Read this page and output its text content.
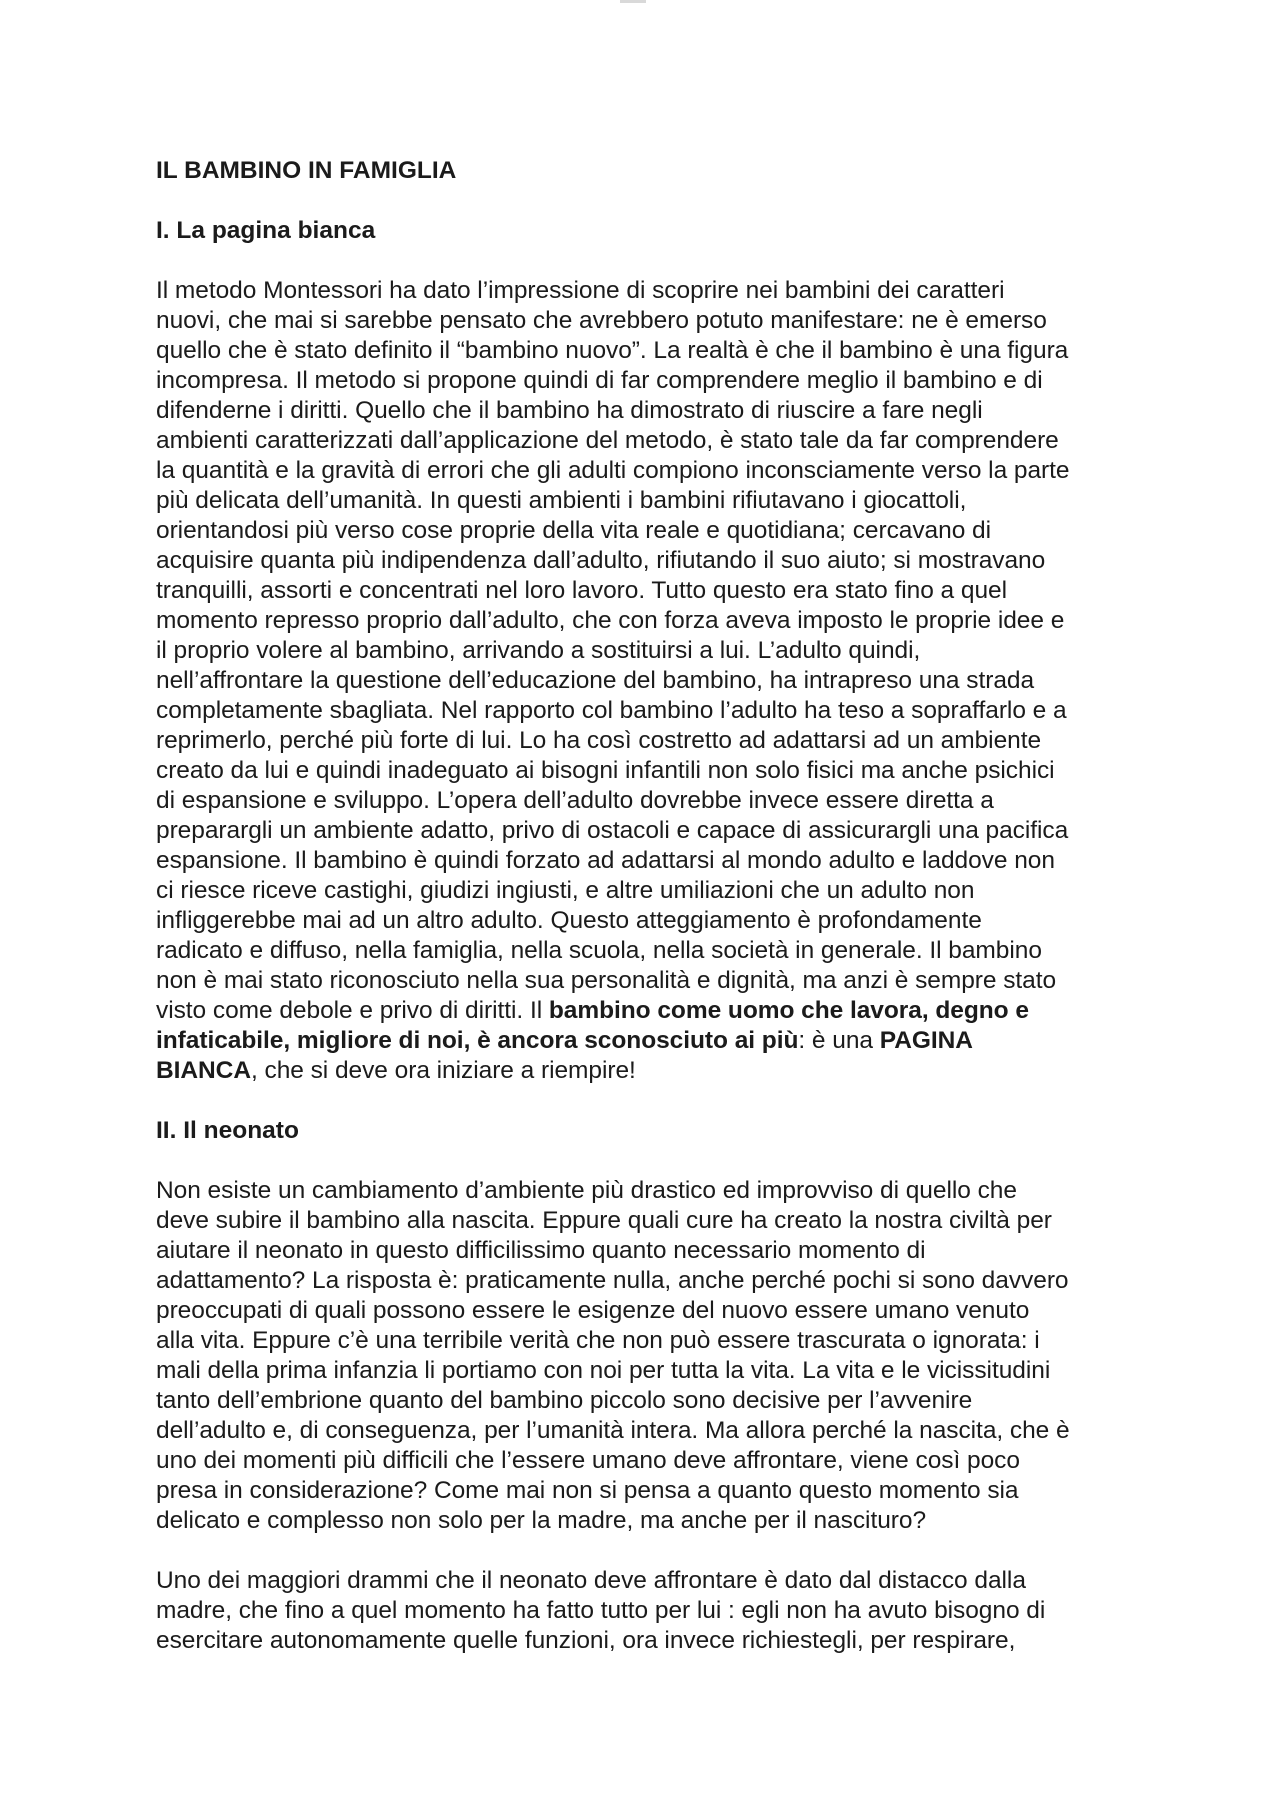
IL BAMBINO IN FAMIGLIA
I. La pagina bianca
Il metodo Montessori ha dato l’impressione di scoprire nei bambini dei caratteri
nuovi, che mai si sarebbe pensato che avrebbero potuto manifestare: ne è emerso
quello che è stato definito il “bambino nuovo”. La realtà è che il bambino è una figura
incompresa. Il metodo si propone quindi di far comprendere meglio il bambino e di
difenderne i diritti. Quello che il bambino ha dimostrato di riuscire a fare negli
ambienti caratterizzati dall’applicazione del metodo, è stato tale da far comprendere
la quantità e la gravità di errori che gli adulti compiono inconsciamente verso la parte
più delicata dell’umanità. In questi ambienti i bambini rifiutavano i giocattoli,
orientandosi più verso cose proprie della vita reale e quotidiana; cercavano di
acquisire quanta più indipendenza dall’adulto, rifiutando il suo aiuto; si mostravano
tranquilli, assorti e concentrati nel loro lavoro. Tutto questo era stato fino a quel
momento represso proprio dall’adulto, che con forza aveva imposto le proprie idee e
il proprio volere al bambino, arrivando a sostituirsi a lui. L’adulto quindi,
nell’affrontare la questione dell’educazione del bambino, ha intrapreso una strada
completamente sbagliata. Nel rapporto col bambino l’adulto ha teso a sopraffarlo e a
reprimerlo, perché più forte di lui. Lo ha così costretto ad adattarsi ad un ambiente
creato da lui e quindi inadeguato ai bisogni infantili non solo fisici ma anche psichici
di espansione e sviluppo. L’opera dell’adulto dovrebbe invece essere diretta a
preparargli un ambiente adatto, privo di ostacoli e capace di assicurargli una pacifica
espansione. Il bambino è quindi forzato ad adattarsi al mondo adulto e laddove non
ci riesce riceve castighi, giudizi ingiusti, e altre umiliazioni che un adulto non
infliggerebbe mai ad un altro adulto. Questo atteggiamento è profondamente
radicato e diffuso, nella famiglia, nella scuola, nella società in generale. Il bambino
non è mai stato riconosciuto nella sua personalità e dignità, ma anzi è sempre stato
visto come debole e privo di diritti. Il bambino come uomo che lavora, degno e
infaticabile, migliore di noi, è ancora sconosciuto ai più: è una PAGINA
BIANCA, che si deve ora iniziare a riempire!
II. Il neonato
Non esiste un cambiamento d’ambiente più drastico ed improvviso di quello che
deve subire il bambino alla nascita. Eppure quali cure ha creato la nostra civiltà per
aiutare il neonato in questo difficilissimo quanto necessario momento di
adattamento? La risposta è: praticamente nulla, anche perché pochi si sono davvero
preoccupati di quali possono essere le esigenze del nuovo essere umano venuto
alla vita. Eppure c’è una terribile verità che non può essere trascurata o ignorata: i
mali della prima infanzia li portiamo con noi per tutta la vita. La vita e le vicissitudini
tanto dell’embrione quanto del bambino piccolo sono decisive per l’avvenire
dell’adulto e, di conseguenza, per l’umanità intera. Ma allora perché la nascita, che è
uno dei momenti più difficili che l’essere umano deve affrontare, viene così poco
presa in considerazione? Come mai non si pensa a quanto questo momento sia
delicato e complesso non solo per la madre, ma anche per il nascituro?
Uno dei maggiori drammi che il neonato deve affrontare è dato dal distacco dalla
madre, che fino a quel momento ha fatto tutto per lui : egli non ha avuto bisogno di
esercitare autonomamente quelle funzioni, ora invece richiestegli, per respirare,
